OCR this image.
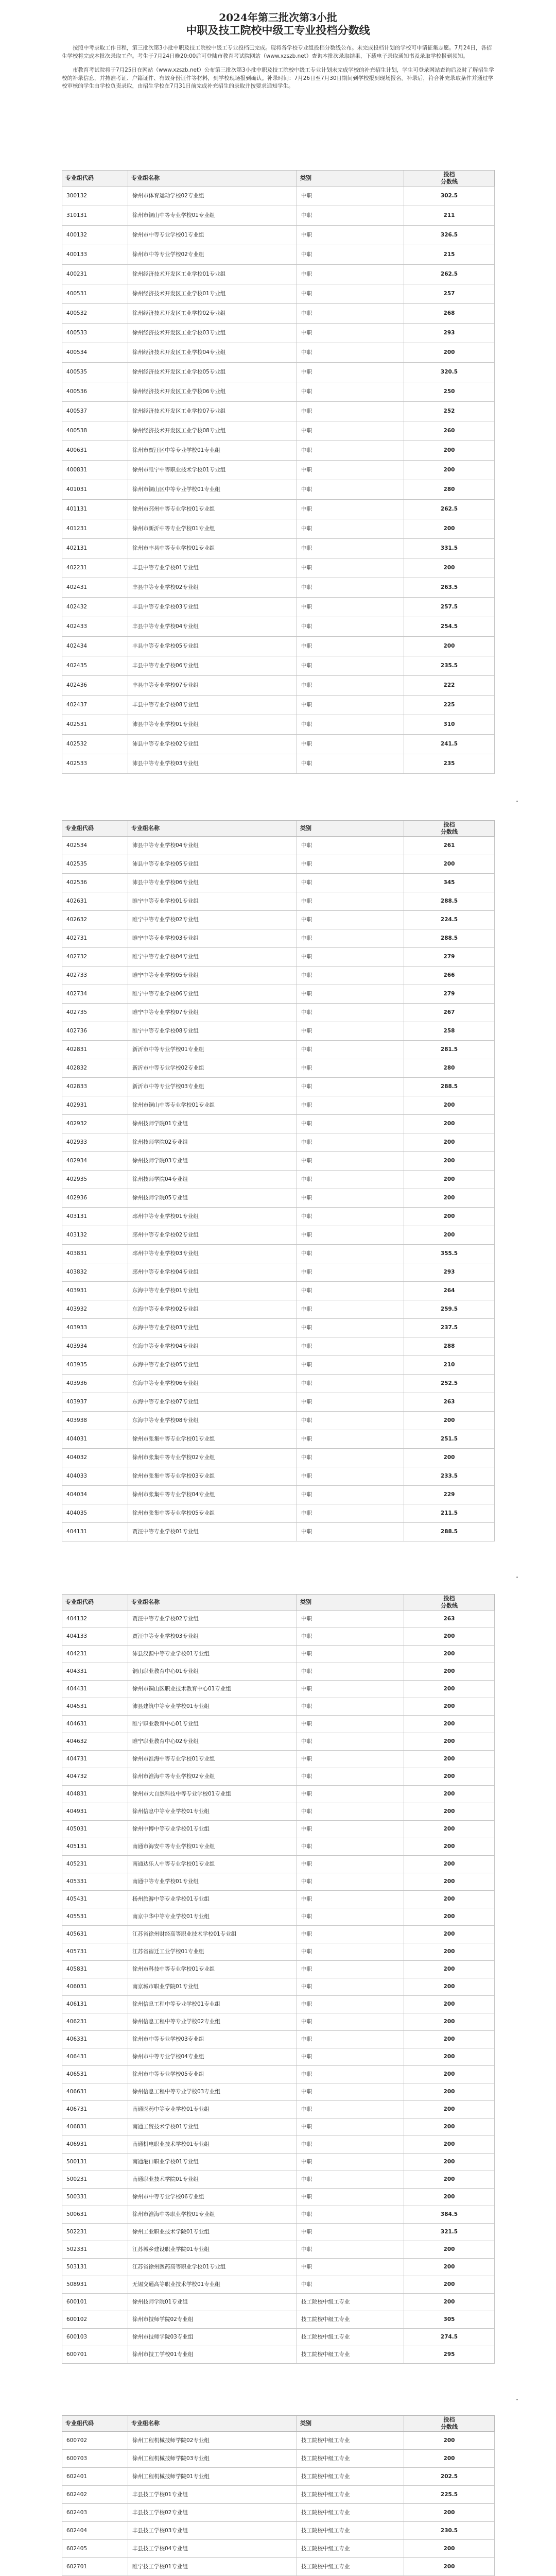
2024年第三批次第3小批
中职及技工院校中级工专业投档分数线

按照中考录取工作日程，第三批次第3小批中职及技工院校中级工专业投档已完成。现将各学校专业组投档分数线公布。未完成投档计划的学校可申请征集志愿。7月24日，各招生学校将完成本批次录取工作。考生于7月24日晚20:00后可登陆市教育考试院网站（www.xzszb.net）查询本批次录取结果，下载电子录取通知书及录取学校报到须知。

市教育考试院将于7月25日在网站（www.xzszb.net）公布第三批次第3小批中职及技工院校中级工专业计划未完成学校的补充招生计划，学生可登录网站查询后及时了解招生学校的补录信息，并持准考证、户籍证件、有效身份证件等材料，到学校现场报到确认。补录时间：7月26日至7月30日期间到学校报到现场报名。补录后，符合补充录取条件并通过学校审核的学生由学校负责录取，由招生学校在7月31日前完成补充招生的录取并按要求通知学生。

专业组代码	专业组名称	类别	投档
分数线
300132	徐州市体育运动学校02专业组	中职	302.5
310131	徐州市铜山中等专业学校01专业组	中职	211
400132	徐州市中等专业学校01专业组	中职	326.5
400133	徐州市中等专业学校02专业组	中职	215
400231	徐州经济技术开发区工业学校01专业组	中职	262.5
400531	徐州经济技术开发区工业学校01专业组	中职	257
400532	徐州经济技术开发区工业学校02专业组	中职	268
400533	徐州经济技术开发区工业学校03专业组	中职	293
400534	徐州经济技术开发区工业学校04专业组	中职	200
400535	徐州经济技术开发区工业学校05专业组	中职	320.5
400536	徐州经济技术开发区工业学校06专业组	中职	250
400537	徐州经济技术开发区工业学校07专业组	中职	252
400538	徐州经济技术开发区工业学校08专业组	中职	260
400631	徐州市贾汪区中等专业学校01专业组	中职	200
400831	徐州市睢宁中等职业技术学校01专业组	中职	200
401031	徐州市铜山区中等专业学校01专业组	中职	280
401131	徐州市邳州中等专业学校01专业组	中职	262.5
401231	徐州市新沂中等专业学校01专业组	中职	200
402131	徐州市丰县中等专业学校01专业组	中职	331.5
402231	丰县中等专业学校01专业组	中职	200
402431	丰县中等专业学校02专业组	中职	263.5
402432	丰县中等专业学校03专业组	中职	257.5
402433	丰县中等专业学校04专业组	中职	254.5
402434	丰县中等专业学校05专业组	中职	200
402435	丰县中等专业学校06专业组	中职	235.5
402436	丰县中等专业学校07专业组	中职	222
402437	丰县中等专业学校08专业组	中职	225
402531	沛县中等专业学校01专业组	中职	310
402532	沛县中等专业学校02专业组	中职	241.5
402533	沛县中等专业学校03专业组	中职	235
专业组代码	专业组名称	类别	投档
分数线
402534	沛县中等专业学校04专业组	中职	261
402535	沛县中等专业学校05专业组	中职	200
402536	沛县中等专业学校06专业组	中职	345
402631	睢宁中等专业学校01专业组	中职	288.5
402632	睢宁中等专业学校02专业组	中职	224.5
402731	睢宁中等专业学校03专业组	中职	288.5
402732	睢宁中等专业学校04专业组	中职	279
402733	睢宁中等专业学校05专业组	中职	266
402734	睢宁中等专业学校06专业组	中职	279
402735	睢宁中等专业学校07专业组	中职	267
402736	睢宁中等专业学校08专业组	中职	258
402831	新沂市中等专业学校01专业组	中职	281.5
402832	新沂市中等专业学校02专业组	中职	280
402833	新沂市中等专业学校03专业组	中职	288.5
402931	徐州市铜山中等专业学校01专业组	中职	200
402932	徐州技师学院01专业组	中职	200
402933	徐州技师学院02专业组	中职	200
402934	徐州技师学院03专业组	中职	200
402935	徐州技师学院04专业组	中职	200
402936	徐州技师学院05专业组	中职	200
403131	邳州中等专业学校01专业组	中职	200
403132	邳州中等专业学校02专业组	中职	200
403831	邳州中等专业学校03专业组	中职	355.5
403832	邳州中等专业学校04专业组	中职	293
403931	东海中等专业学校01专业组	中职	264
403932	东海中等专业学校02专业组	中职	259.5
403933	东海中等专业学校03专业组	中职	237.5
403934	东海中等专业学校04专业组	中职	288
403935	东海中等专业学校05专业组	中职	210
403936	东海中等专业学校06专业组	中职	252.5
403937	东海中等专业学校07专业组	中职	263
403938	东海中等专业学校08专业组	中职	200
404031	徐州市张集中等专业学校01专业组	中职	251.5
404032	徐州市张集中等专业学校02专业组	中职	200
404033	徐州市张集中等专业学校03专业组	中职	233.5
404034	徐州市张集中等专业学校04专业组	中职	229
404035	徐州市张集中等专业学校05专业组	中职	211.5
404131	贾汪中等专业学校01专业组	中职	288.5
专业组代码	专业组名称	类别	投档
分数线
404132	贾汪中等专业学校02专业组	中职	263
404133	贾汪中等专业学校03专业组	中职	200
404231	沛县汉源中等专业学校01专业组	中职	200
404331	铜山职业教育中心01专业组	中职	200
404431	徐州市铜山区职业技术教育中心01专业组	中职	200
404531	沛县建筑中等专业学校01专业组	中职	200
404631	睢宁职业教育中心01专业组	中职	200
404632	睢宁职业教育中心02专业组	中职	200
404731	徐州市淮海中等专业学校01专业组	中职	200
404732	徐州市淮海中等专业学校02专业组	中职	200
404831	徐州市大自然科技中等专业学校01专业组	中职	200
404931	徐州信息中等专业学校01专业组	中职	200
405031	徐州中博中等专业学校01专业组	中职	200
405131	南通市海安中等专业学校01专业组	中职	200
405231	南通达乐人中等专业学校01专业组	中职	200
405331	南通中等专业学校01专业组	中职	200
405431	扬州旅游中等专业学校01专业组	中职	200
405531	南京中华中等专业学校01专业组	中职	200
405631	江苏省徐州财经高等职业技术学校01专业组	中职	200
405731	江苏省宿迁工业学校01专业组	中职	200
405831	徐州市科技中等专业学校01专业组	中职	200
406031	南京城市职业学院01专业组	中职	200
406131	徐州信息工程中等专业学校01专业组	中职	200
406231	徐州信息工程中等专业学校02专业组	中职	200
406331	徐州市中等专业学校03专业组	中职	200
406431	徐州市中等专业学校04专业组	中职	200
406531	徐州市中等专业学校05专业组	中职	200
406631	徐州信息工程中等专业学校03专业组	中职	200
406731	南通医药中等专业学校01专业组	中职	200
406831	南通工贸技术学校01专业组	中职	200
406931	南通机电职业技术学校01专业组	中职	200
500131	南通港口职业学校01专业组	中职	200
500231	南通职业技术学院01专业组	中职	200
500331	徐州市中等专业学校06专业组	中职	200
500631	徐州市淮海中等职业学校01专业组	中职	384.5
502231	徐州工业职业技术学院01专业组	中职	321.5
502331	江苏城乡建设职业学院01专业组	中职	200
503131	江苏省徐州医药高等职业学校01专业组	中职	200
508931	无锡交通高等职业技术学校01专业组	中职	200
600101	徐州技师学院01专业组	技工院校中级工专业	200
600102	徐州市技师学院02专业组	技工院校中级工专业	305
600103	徐州市技师学院03专业组	技工院校中级工专业	274.5
600701	徐州市技工学校01专业组	技工院校中级工专业	295
专业组代码	专业组名称	类别	投档
分数线
600702	徐州工程机械技师学院02专业组	技工院校中级工专业	200
600703	徐州工程机械技师学院03专业组	技工院校中级工专业	200
602401	徐州工程机械技师学院01专业组	技工院校中级工专业	202.5
602402	丰县技工学校01专业组	技工院校中级工专业	225.5
602403	丰县技工学校02专业组	技工院校中级工专业	200
602404	丰县技工学校03专业组	技工院校中级工专业	230.5
602405	丰县技工学校04专业组	技工院校中级工专业	200
602701	睢宁技工学校01专业组	技工院校中级工专业	200
